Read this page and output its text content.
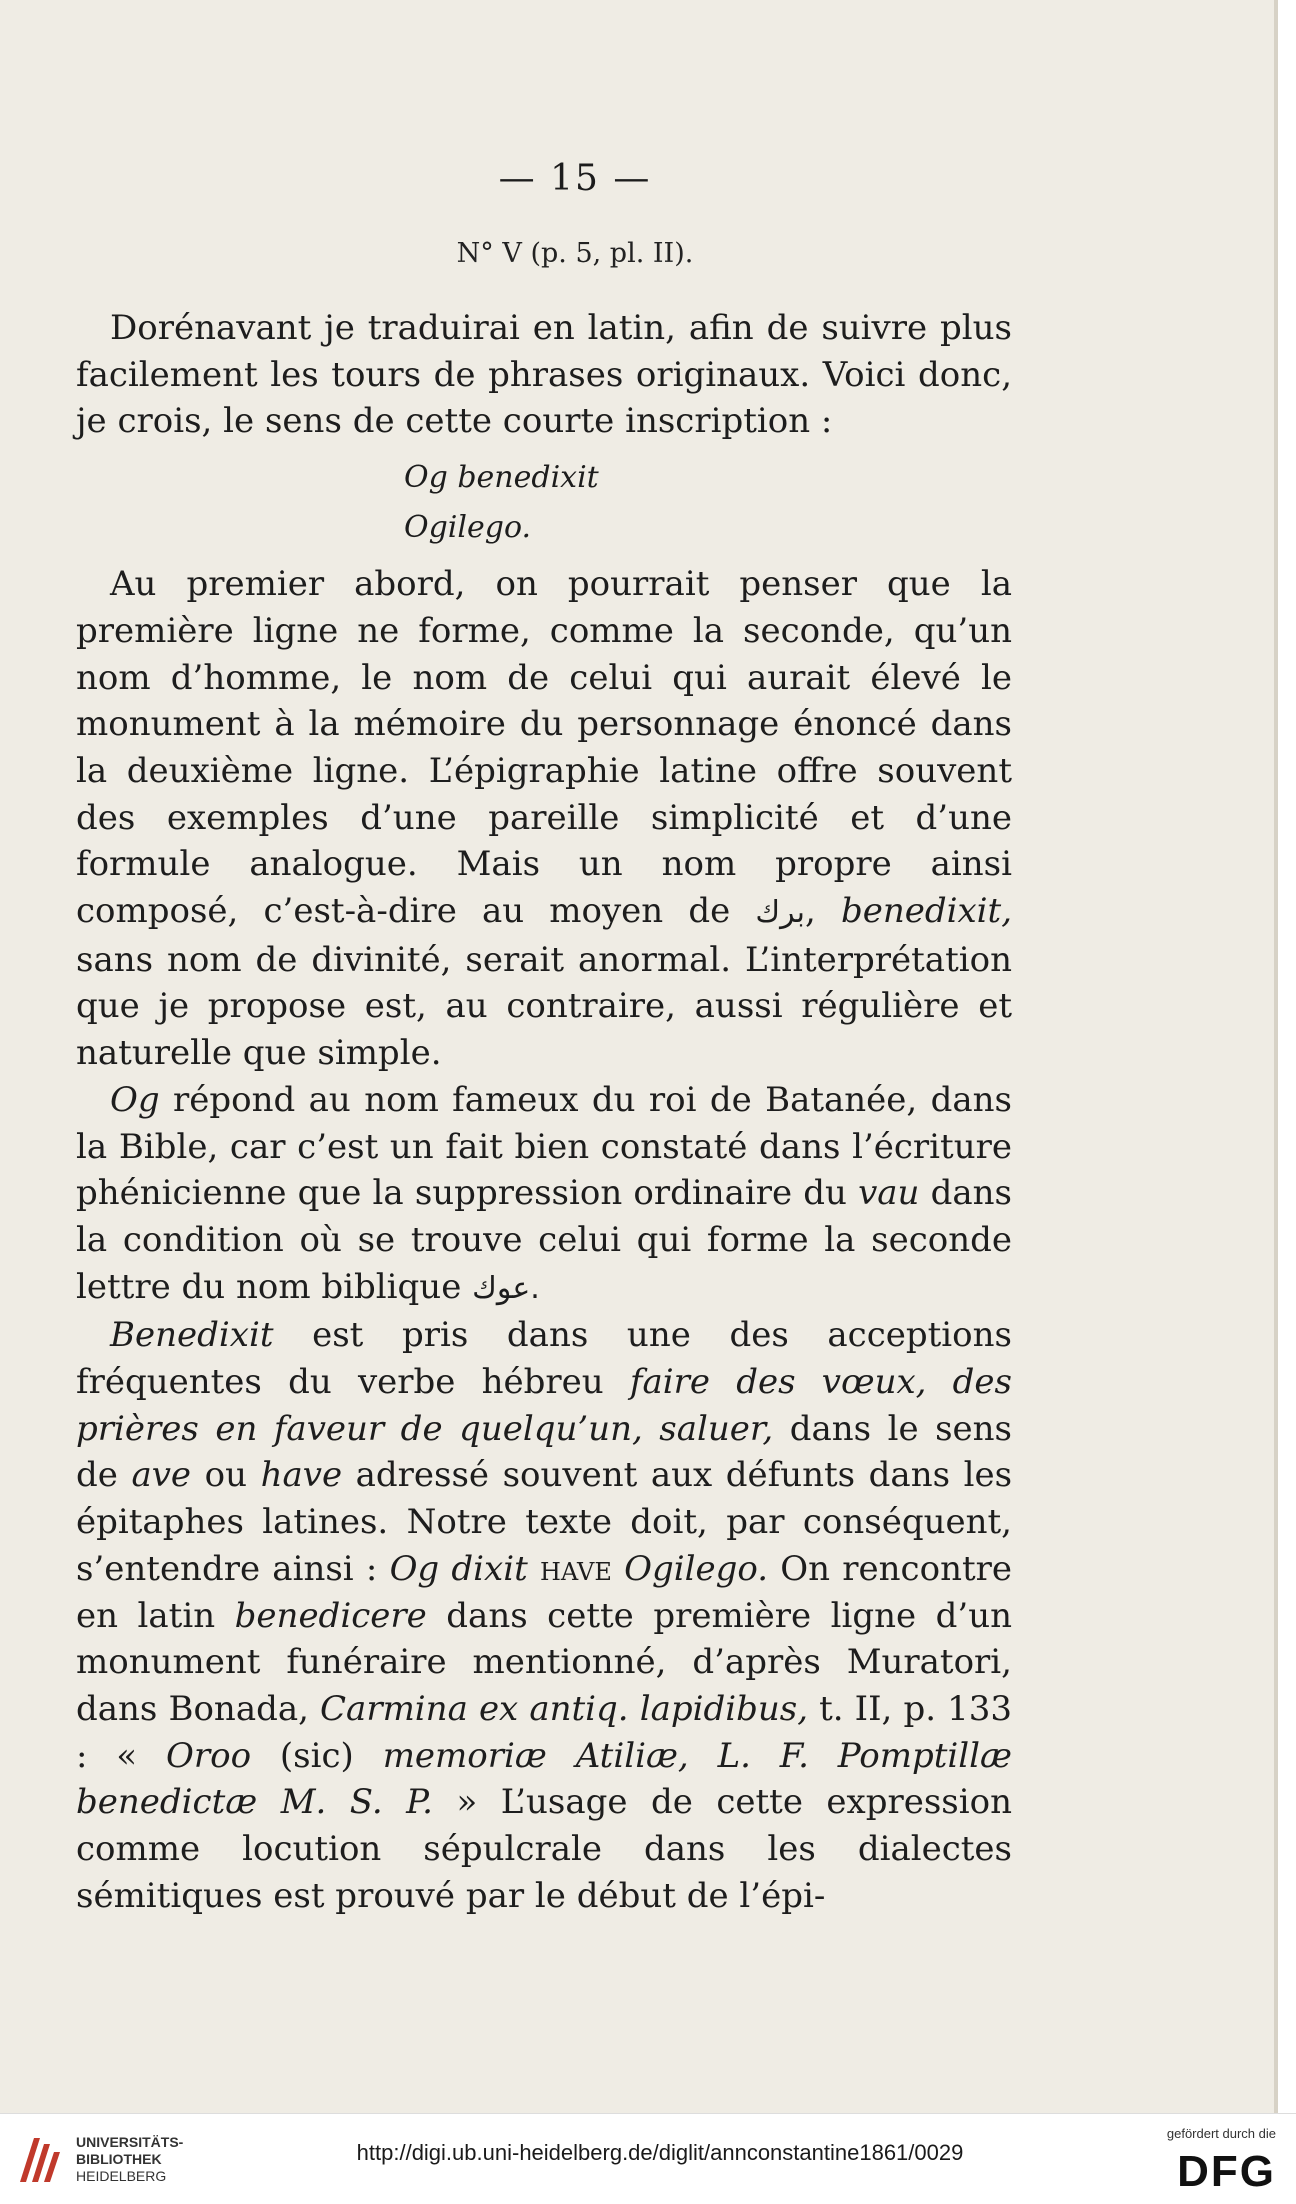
— 15 —
N° V (p. 5, pl. II).

Dorénavant je traduirai en latin, afin de suivre plus facilement les tours de phrases originaux. Voici donc, je crois, le sens de cette courte inscription :

Og benedixit
Ogilego.

Au premier abord, on pourrait penser que la première ligne ne forme, comme la seconde, qu’un nom d’homme, le nom de celui qui aurait élevé le monument à la mémoire du personnage énoncé dans la deuxième ligne. L’épigraphie latine offre souvent des exemples d’une pareille simplicité et d’une formule analogue. Mais un nom propre ainsi composé, c’est-à-dire au moyen de برك, benedixit, sans nom de divinité, serait anormal. L’interprétation que je propose est, au contraire, aussi régulière et naturelle que simple.

Og répond au nom fameux du roi de Batanée, dans la Bible, car c’est un fait bien constaté dans l’écriture phénicienne que la suppression ordinaire du vau dans la condition où se trouve celui qui forme la seconde lettre du nom biblique عوك.

Benedixit est pris dans une des acceptions fréquentes du verbe hébreu faire des vœux, des prières en faveur de quelqu’un, saluer, dans le sens de ave ou have adressé souvent aux défunts dans les épitaphes latines. Notre texte doit, par conséquent, s’entendre ainsi : Og dixit have Ogilego. On rencontre en latin benedicere dans cette première ligne d’un monument funéraire mentionné, d’après Muratori, dans Bonada, Carmina ex antiq. lapidibus, t. II, p. 133 : « Oroo (sic) memoriæ Atiliæ, L. F. Pomptillæ benedictæ M. S. P. » L’usage de cette expression comme locution sépulcrale dans les dialectes sémitiques est prouvé par le début de l’épi-

UNIVERSITÄTS-
BIBLIOTHEK
HEIDELBERG
http://digi.ub.uni-heidelberg.de/diglit/annconstantine1861/0029
gefördert durch die
DFG
